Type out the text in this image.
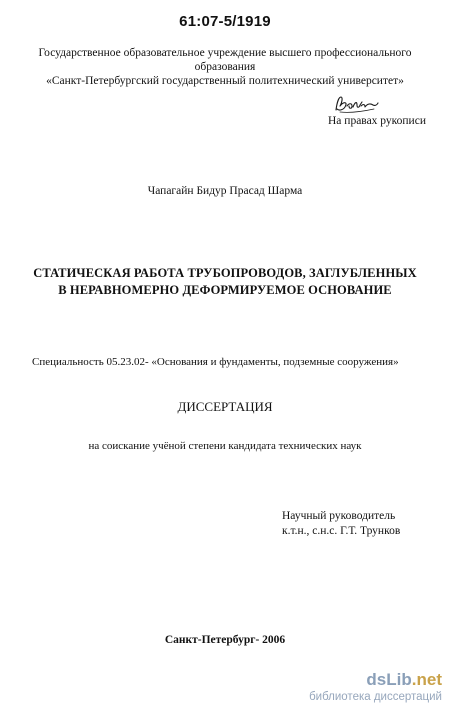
61:07-5/1919
Государственное образовательное учреждение высшего профессионального
образования
«Санкт-Петербургский государственный политехнический университет»
На правах рукописи
Чапагайн Бидур Прасад Шарма
СТАТИЧЕСКАЯ РАБОТА ТРУБОПРОВОДОВ, ЗАГЛУБЛЕННЫХ
В НЕРАВНОМЕРНО ДЕФОРМИРУЕМОЕ ОСНОВАНИЕ
Специальность 05.23.02- «Основания и фундаменты, подземные сооружения»
ДИССЕРТАЦИЯ
на соискание учёной степени кандидата технических наук
Научный руководитель
к.т.н., с.н.с. Г.Т. Трунков
Санкт-Петербург- 2006
dsLib.net
библиотека диссертаций
